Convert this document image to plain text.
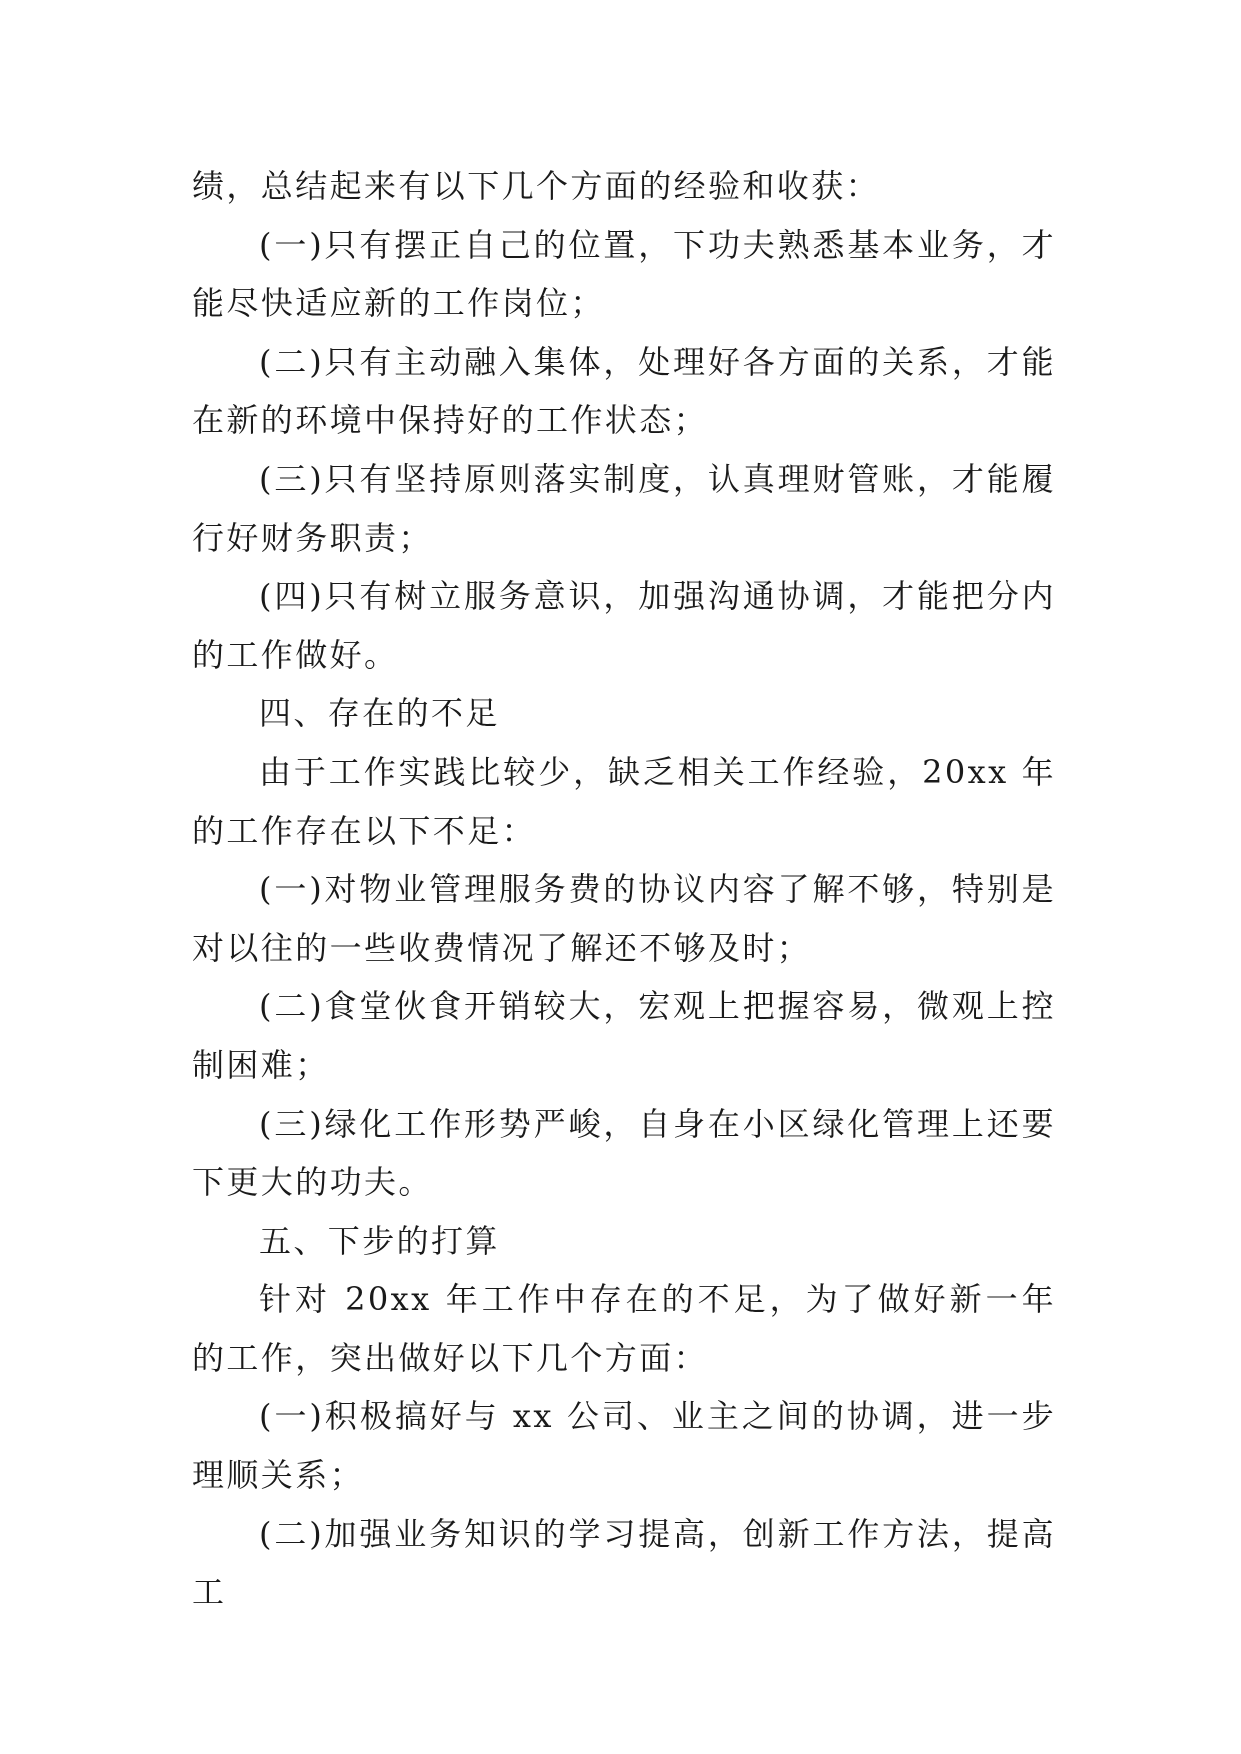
绩，总结起来有以下几个方面的经验和收获：

(一)只有摆正自己的位置，下功夫熟悉基本业务，才能尽快适应新的工作岗位；

(二)只有主动融入集体，处理好各方面的关系，才能在新的环境中保持好的工作状态；

(三)只有坚持原则落实制度，认真理财管账，才能履行好财务职责；

(四)只有树立服务意识，加强沟通协调，才能把分内的工作做好。

四、存在的不足

由于工作实践比较少，缺乏相关工作经验，20xx 年的工作存在以下不足：

(一)对物业管理服务费的协议内容了解不够，特别是对以往的一些收费情况了解还不够及时；

(二)食堂伙食开销较大，宏观上把握容易，微观上控制困难；

(三)绿化工作形势严峻，自身在小区绿化管理上还要下更大的功夫。

五、下步的打算

针对 20xx 年工作中存在的不足，为了做好新一年的工作，突出做好以下几个方面：

(一)积极搞好与 xx 公司、业主之间的协调，进一步理顺关系；

(二)加强业务知识的学习提高，创新工作方法，提高工
